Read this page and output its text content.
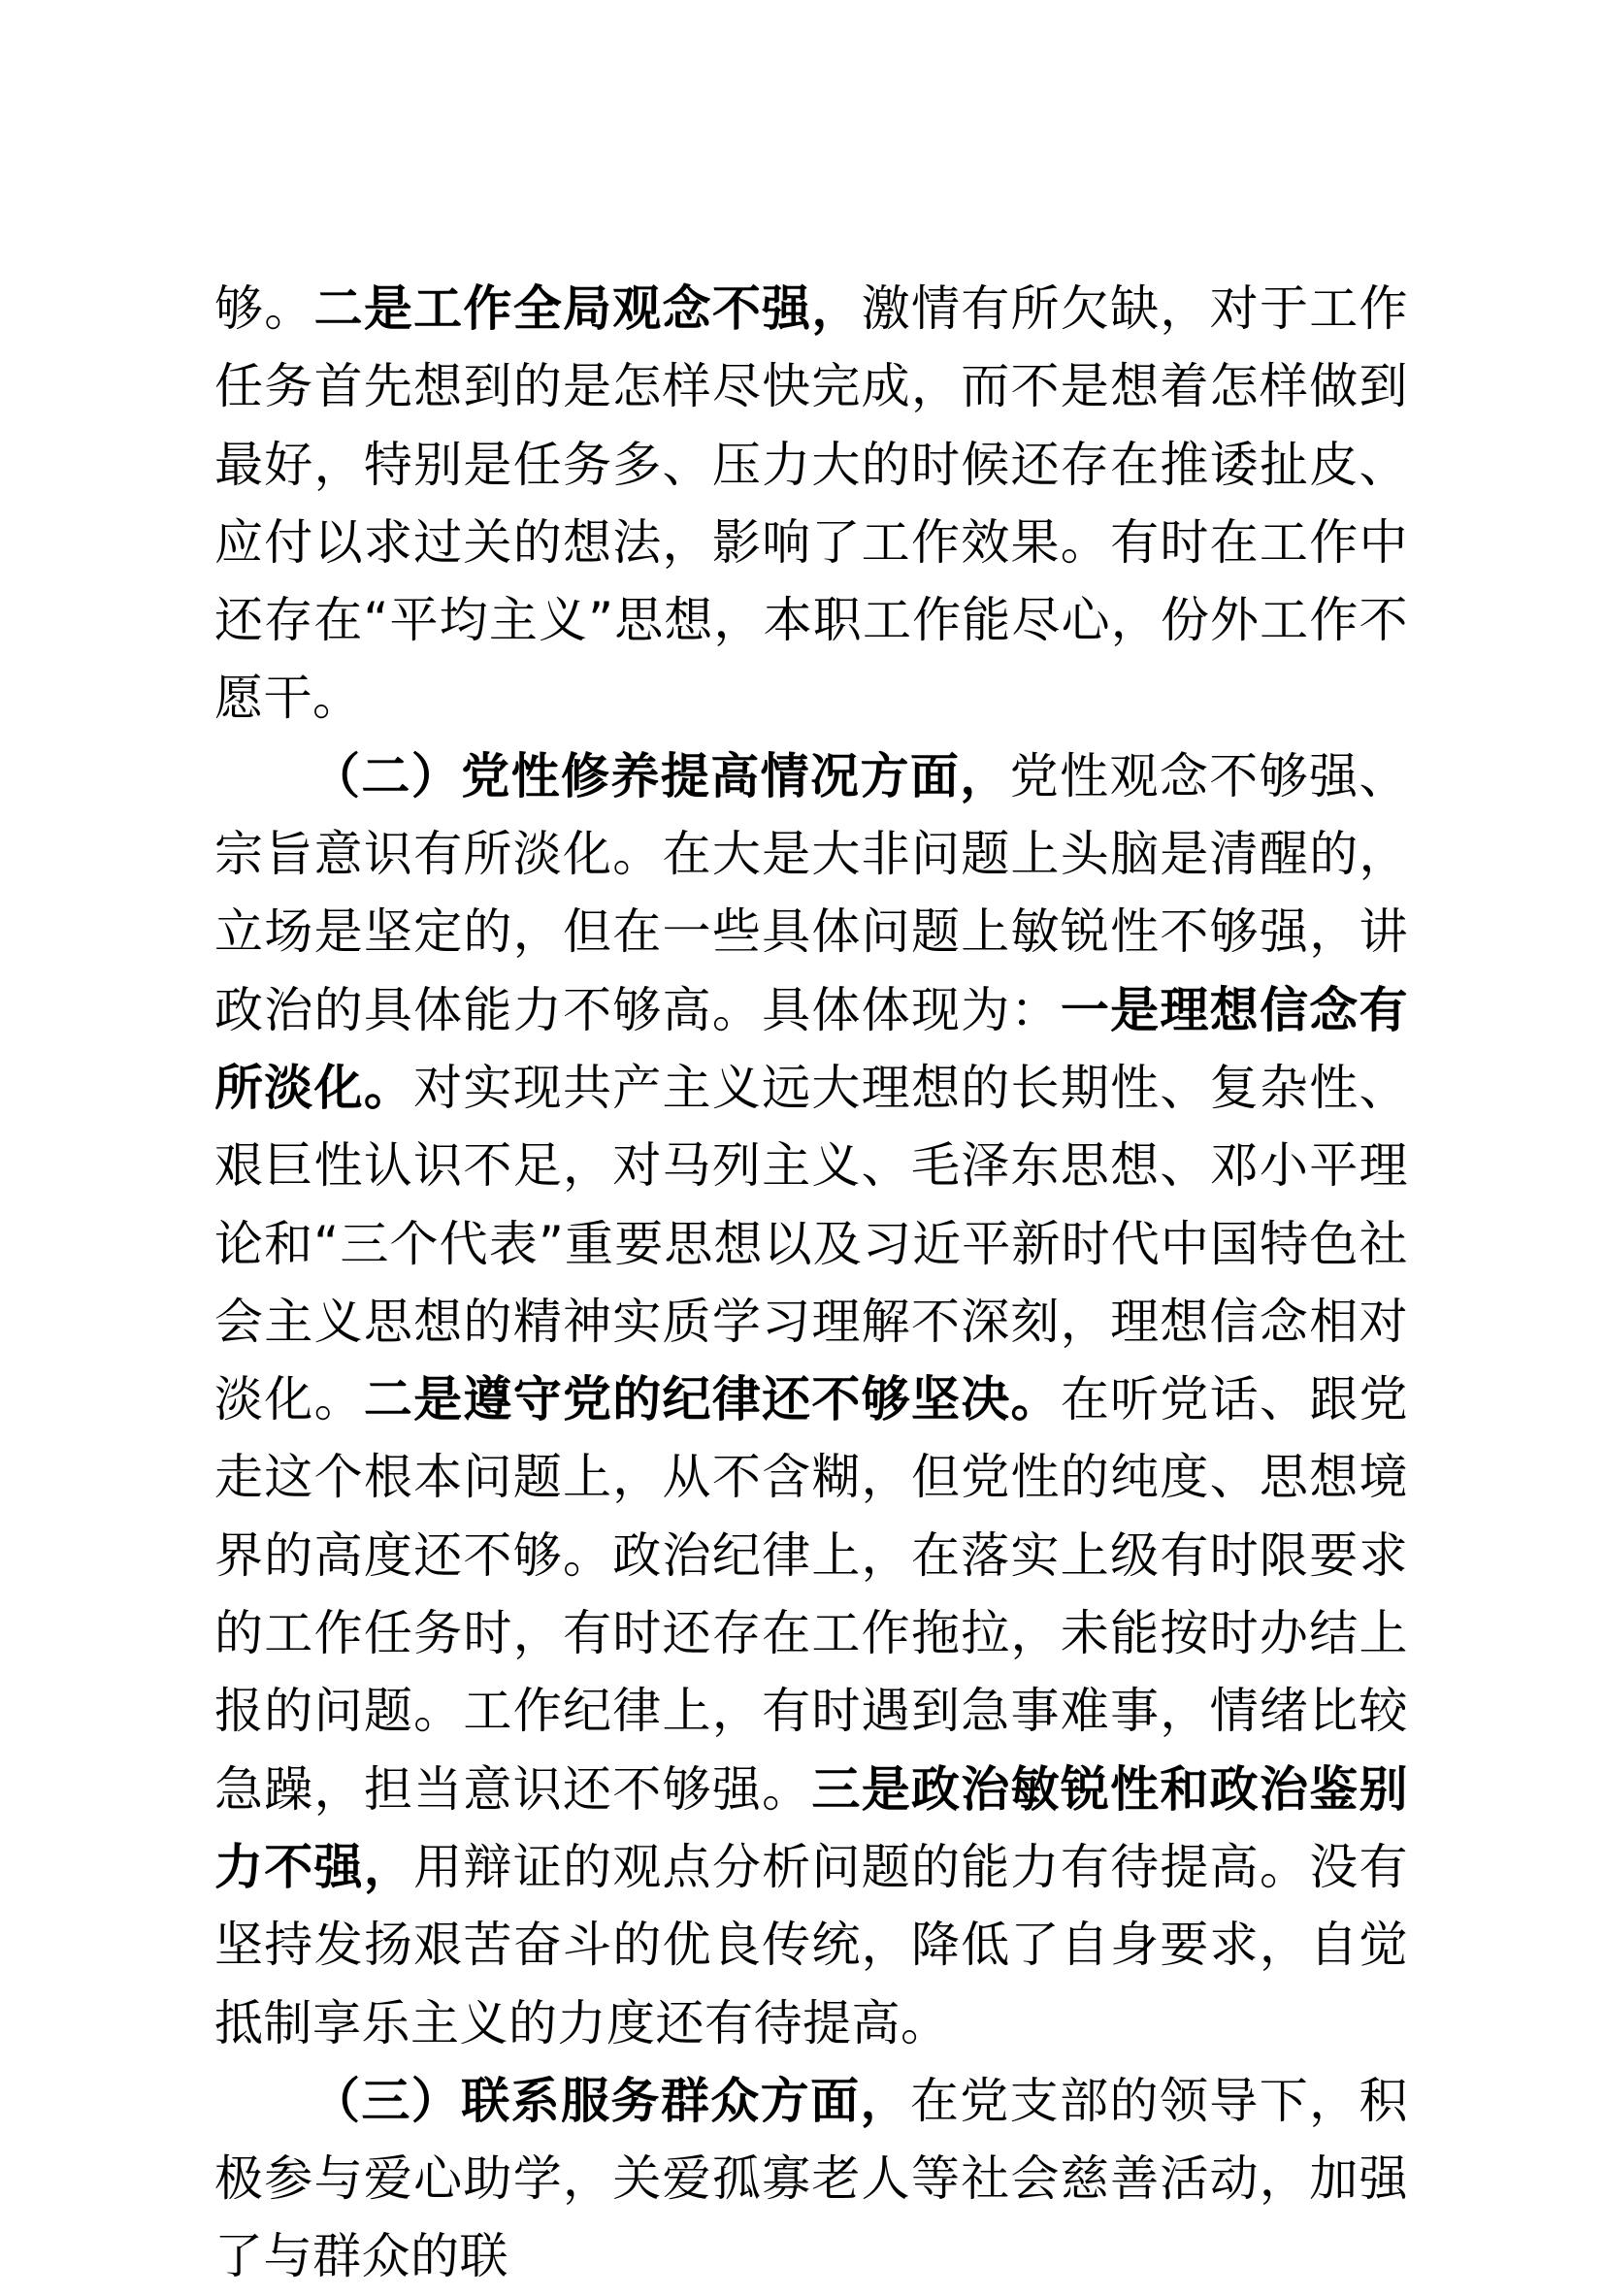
够。二是工作全局观念不强，激情有所欠缺，对于工作任务首先想到的是怎样尽快完成，而不是想着怎样做到最好，特别是任务多、压力大的时候还存在推诿扯皮、应付以求过关的想法，影响了工作效果。有时在工作中还存在“平均主义”思想，本职工作能尽心，份外工作不愿干。

（二）党性修养提高情况方面，党性观念不够强、宗旨意识有所淡化。在大是大非问题上头脑是清醒的，立场是坚定的，但在一些具体问题上敏锐性不够强，讲政治的具体能力不够高。具体体现为：一是理想信念有所淡化。对实现共产主义远大理想的长期性、复杂性、艰巨性认识不足，对马列主义、毛泽东思想、邓小平理论和“三个代表”重要思想以及习近平新时代中国特色社会主义思想的精神实质学习理解不深刻，理想信念相对淡化。二是遵守党的纪律还不够坚决。在听党话、跟党走这个根本问题上，从不含糊，但党性的纯度、思想境界的高度还不够。政治纪律上，在落实上级有时限要求的工作任务时，有时还存在工作拖拉，未能按时办结上报的问题。工作纪律上，有时遇到急事难事，情绪比较急躁，担当意识还不够强。三是政治敏锐性和政治鉴别力不强，用辩证的观点分析问题的能力有待提高。没有坚持发扬艰苦奋斗的优良传统，降低了自身要求，自觉抵制享乐主义的力度还有待提高。

（三）联系服务群众方面，在党支部的领导下，积极参与爱心助学，关爱孤寡老人等社会慈善活动，加强了与群众的联
